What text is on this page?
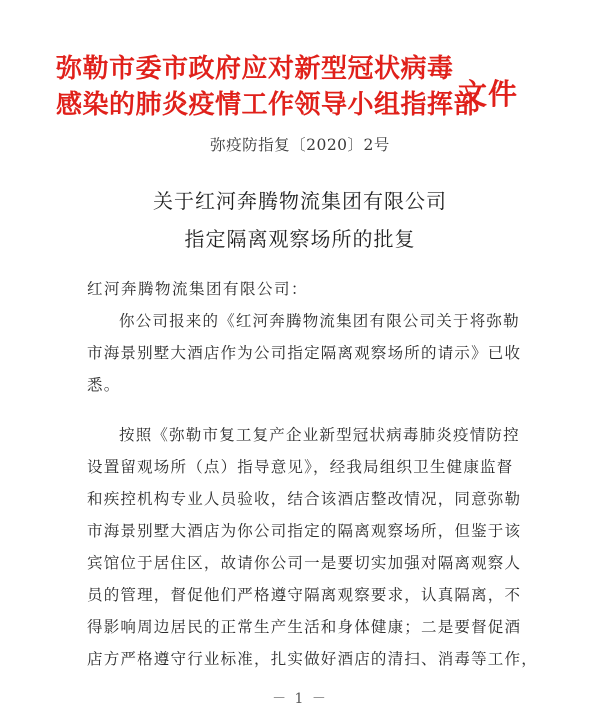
弥勒市委市政府应对新型冠状病毒
感染的肺炎疫情工作领导小组指挥部
文件
弥疫防指复〔2020〕2号
关于红河奔腾物流集团有限公司
指定隔离观察场所的批复
红河奔腾物流集团有限公司：
你公司报来的《红河奔腾物流集团有限公司关于将弥勒
市海景别墅大酒店作为公司指定隔离观察场所的请示》已收
悉。
按照《弥勒市复工复产企业新型冠状病毒肺炎疫情防控
设置留观场所（点）指导意见》，经我局组织卫生健康监督
和疾控机构专业人员验收，结合该酒店整改情况，同意弥勒
市海景别墅大酒店为你公司指定的隔离观察场所，但鉴于该
宾馆位于居住区，故请你公司一是要切实加强对隔离观察人
员的管理，督促他们严格遵守隔离观察要求，认真隔离，不
得影响周边居民的正常生产生活和身体健康；二是要督促酒
店方严格遵守行业标准，扎实做好酒店的清扫、消毒等工作，
－ 1 －
